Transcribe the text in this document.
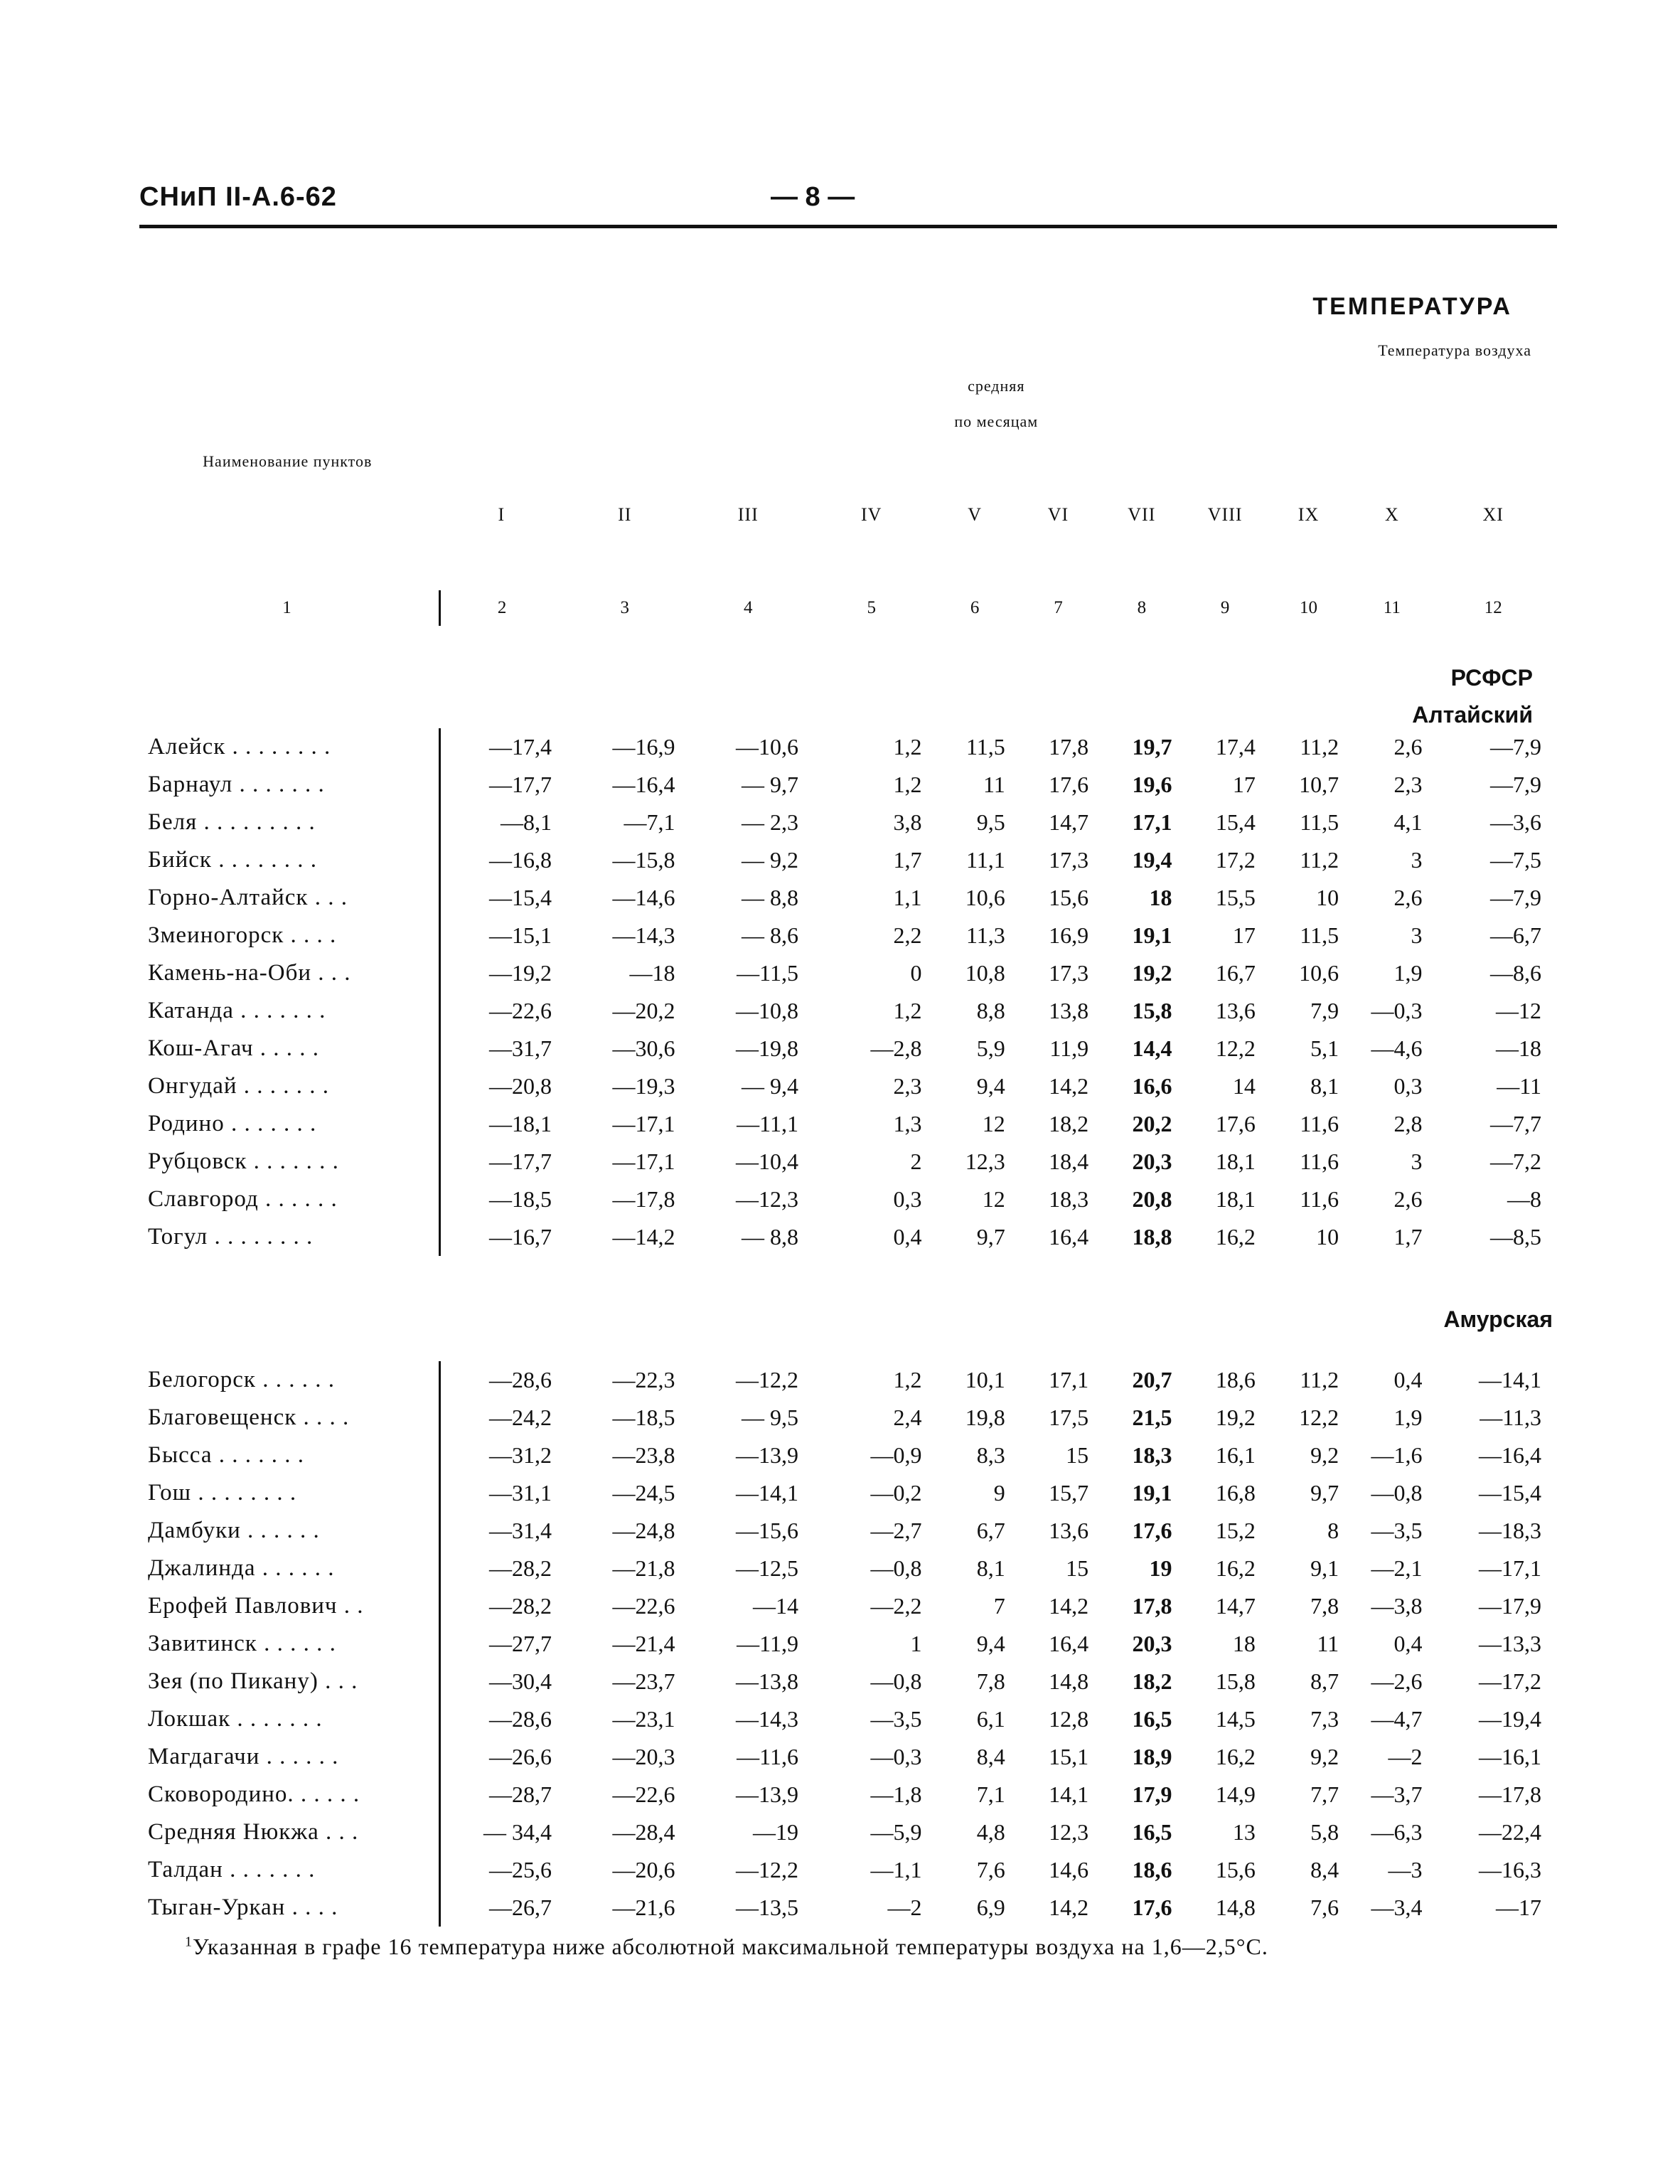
СНиП II-А.6-62	— 8 —
ТЕМПЕРАТУРА
Наименование пунктов	Температура воздуха										
	средняя										
	по месяцам										
	I	II	III	IV	V	VI	VII	VIII	IX	X	XI
1	2	3	4	5	6	7	8	9	10	11	12

РСФСР											
Алтайский											
Алейск . . . . . . . .	—17,4	—16,9	—10,6	1,2	11,5	17,8	19,7	17,4	11,2	2,6	—7,9
Барнаул . . . . . . .	—17,7	—16,4	— 9,7	1,2	11	17,6	19,6	17	10,7	2,3	—7,9
Беля . . . . . . . . .	—8,1	—7,1	— 2,3	3,8	9,5	14,7	17,1	15,4	11,5	4,1	—3,6
Бийск . . . . . . . .	—16,8	—15,8	— 9,2	1,7	11,1	17,3	19,4	17,2	11,2	3	—7,5
Горно-Алтайск . . .	—15,4	—14,6	— 8,8	1,1	10,6	15,6	18	15,5	10	2,6	—7,9
Змеиногорск . . . .	—15,1	—14,3	— 8,6	2,2	11,3	16,9	19,1	17	11,5	3	—6,7
Камень-на-Оби . . .	—19,2	—18	—11,5	0	10,8	17,3	19,2	16,7	10,6	1,9	—8,6
Катанда . . . . . . .	—22,6	—20,2	—10,8	1,2	8,8	13,8	15,8	13,6	7,9	—0,3	—12
Кош-Агач . . . . .	—31,7	—30,6	—19,8	—2,8	5,9	11,9	14,4	12,2	5,1	—4,6	—18
Онгудай . . . . . . .	—20,8	—19,3	— 9,4	2,3	9,4	14,2	16,6	14	8,1	0,3	—11
Родино . . . . . . .	—18,1	—17,1	—11,1	1,3	12	18,2	20,2	17,6	11,6	2,8	—7,7
Рубцовск . . . . . . .	—17,7	—17,1	—10,4	2	12,3	18,4	20,3	18,1	11,6	3	—7,2
Славгород . . . . . .	—18,5	—17,8	—12,3	0,3	12	18,3	20,8	18,1	11,6	2,6	—8
Тогул . . . . . . . .	—16,7	—14,2	— 8,8	0,4	9,7	16,4	18,8	16,2	10	1,7	—8,5

Амурская											

Белогорск . . . . . .	—28,6	—22,3	—12,2	1,2	10,1	17,1	20,7	18,6	11,2	0,4	—14,1
Благовещенск . . . .	—24,2	—18,5	— 9,5	2,4	19,8	17,5	21,5	19,2	12,2	1,9	—11,3
Бысса . . . . . . .	—31,2	—23,8	—13,9	—0,9	8,3	15	18,3	16,1	9,2	—1,6	—16,4
Гош . . . . . . . .	—31,1	—24,5	—14,1	—0,2	9	15,7	19,1	16,8	9,7	—0,8	—15,4
Дамбуки . . . . . .	—31,4	—24,8	—15,6	—2,7	6,7	13,6	17,6	15,2	8	—3,5	—18,3
Джалинда . . . . . .	—28,2	—21,8	—12,5	—0,8	8,1	15	19	16,2	9,1	—2,1	—17,1
Ерофей Павлович . .	—28,2	—22,6	—14	—2,2	7	14,2	17,8	14,7	7,8	—3,8	—17,9
Завитинск . . . . . .	—27,7	—21,4	—11,9	1	9,4	16,4	20,3	18	11	0,4	—13,3
Зея (по Пикану) . . .	—30,4	—23,7	—13,8	—0,8	7,8	14,8	18,2	15,8	8,7	—2,6	—17,2
Локшак . . . . . . .	—28,6	—23,1	—14,3	—3,5	6,1	12,8	16,5	14,5	7,3	—4,7	—19,4
Магдагачи . . . . . .	—26,6	—20,3	—11,6	—0,3	8,4	15,1	18,9	16,2	9,2	—2	—16,1
Сковородино. . . . . .	—28,7	—22,6	—13,9	—1,8	7,1	14,1	17,9	14,9	7,7	—3,7	—17,8
Средняя Нюкжа . . .	— 34,4	—28,4	—19	—5,9	4,8	12,3	16,5	13	5,8	—6,3	—22,4
Талдан . . . . . . .	—25,6	—20,6	—12,2	—1,1	7,6	14,6	18,6	15,6	8,4	—3	—16,3
Тыган-Уркан . . . .	—26,7	—21,6	—13,5	—2	6,9	14,2	17,6	14,8	7,6	—3,4	—17
$^1$Указанная в графе 16 температура ниже абсолютной максимальной температуры воздуха на 1,6—2,5°С.											
